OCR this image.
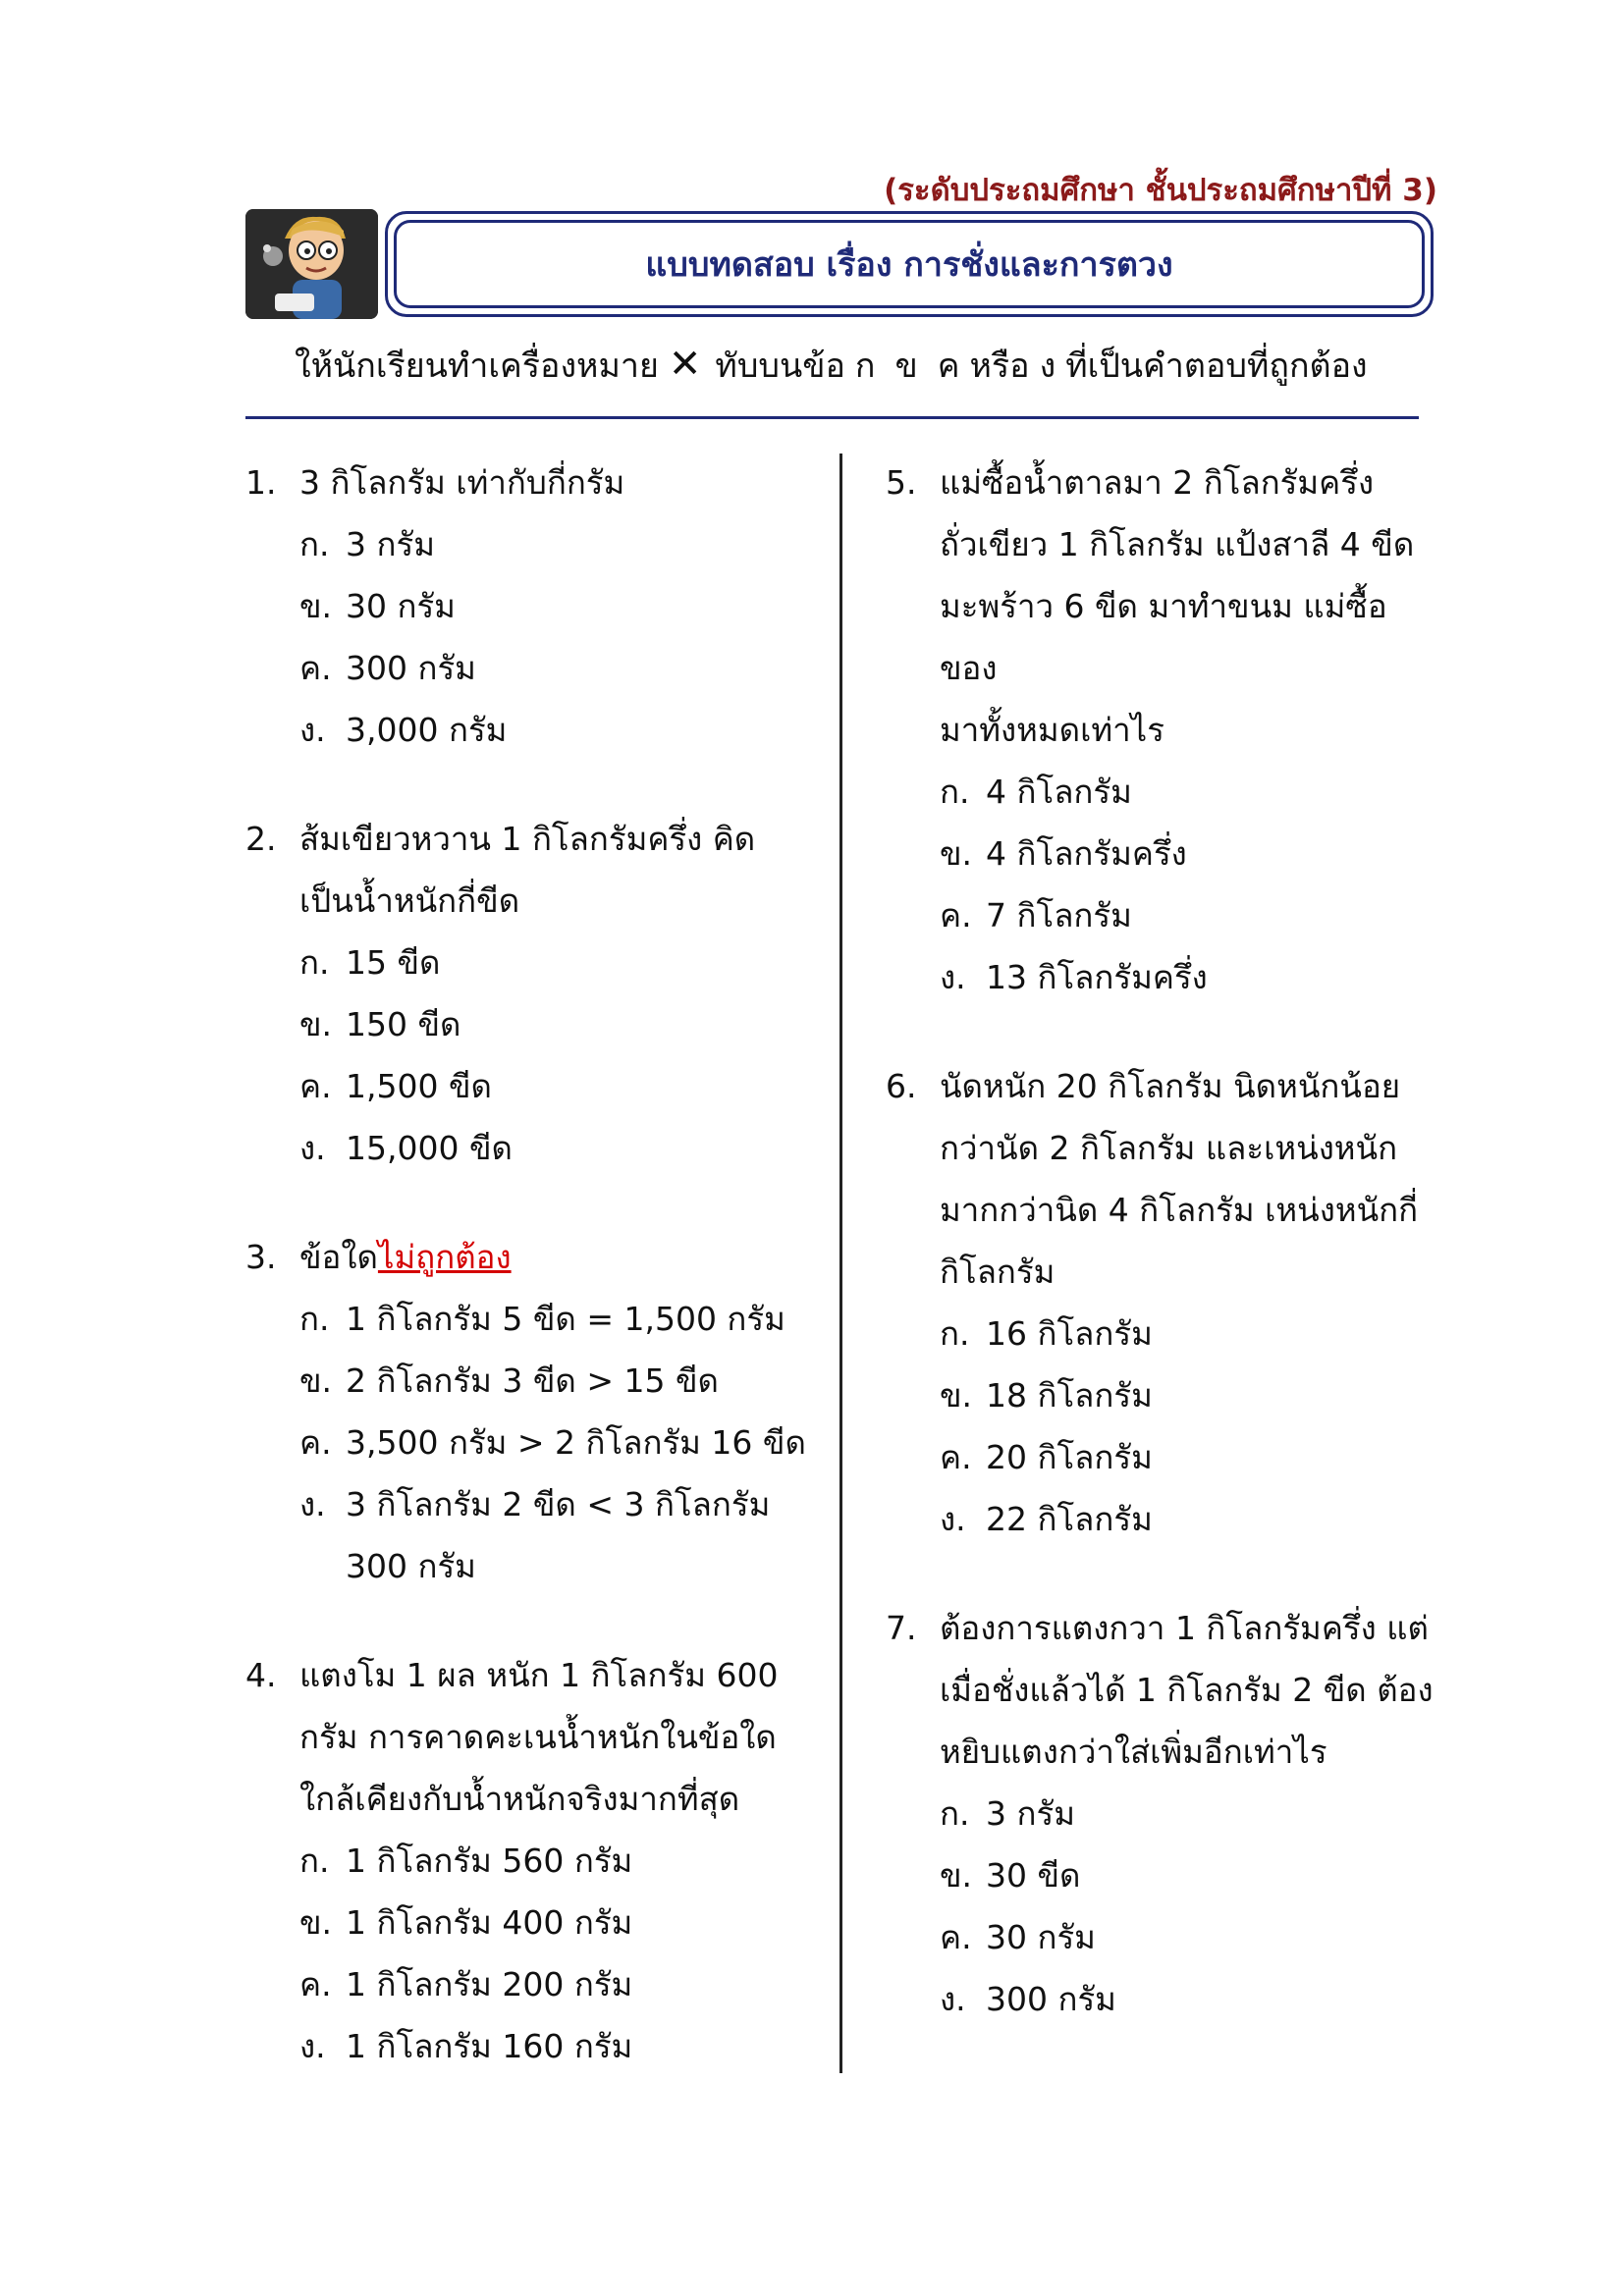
(ระดับประถมศึกษา ชั้นประถมศึกษาปีที่ 3)
แบบทดสอบ เรื่อง การชั่งและการตวง
ให้นักเรียนทำเครื่องหมาย ✕ ทับบนข้อ ก ข ค หรือ ง ที่เป็นคำตอบที่ถูกต้อง
1. 3 กิโลกรัม เท่ากับกี่กรัม
ก. 3 กรัม
ข. 30 กรัม
ค. 300 กรัม
ง. 3,000 กรัม
2. ส้มเขียวหวาน 1 กิโลกรัมครึ่ง คิด
เป็นน้ำหนักกี่ขีด
ก. 15 ขีด
ข. 150 ขีด
ค. 1,500 ขีด
ง. 15,000 ขีด
3. ข้อใดไม่ถูกต้อง
ก. 1 กิโลกรัม 5 ขีด = 1,500 กรัม
ข. 2 กิโลกรัม 3 ขีด > 15 ขีด
ค. 3,500 กรัม > 2 กิโลกรัม 16 ขีด
ง. 3 กิโลกรัม 2 ขีด < 3 กิโลกรัม
300 กรัม
4. แตงโม 1 ผล หนัก 1 กิโลกรัม 600
กรัม การคาดคะเนน้ำหนักในข้อใด
ใกล้เคียงกับน้ำหนักจริงมากที่สุด
ก. 1 กิโลกรัม 560 กรัม
ข. 1 กิโลกรัม 400 กรัม
ค. 1 กิโลกรัม 200 กรัม
ง. 1 กิโลกรัม 160 กรัม
5. แม่ซื้อน้ำตาลมา 2 กิโลกรัมครึ่ง
ถั่วเขียว 1 กิโลกรัม แป้งสาลี 4 ขีด
มะพร้าว 6 ขีด มาทำขนม แม่ซื้อของ
มาทั้งหมดเท่าไร
ก. 4 กิโลกรัม
ข. 4 กิโลกรัมครึ่ง
ค. 7 กิโลกรัม
ง. 13 กิโลกรัมครึ่ง
6. นัดหนัก 20 กิโลกรัม นิดหนักน้อย
กว่านัด 2 กิโลกรัม และเหน่งหนัก
มากกว่านิด 4 กิโลกรัม เหน่งหนักกี่
กิโลกรัม
ก. 16 กิโลกรัม
ข. 18 กิโลกรัม
ค. 20 กิโลกรัม
ง. 22 กิโลกรัม
7. ต้องการแตงกวา 1 กิโลกรัมครึ่ง แต่
เมื่อชั่งแล้วได้ 1 กิโลกรัม 2 ขีด ต้อง
หยิบแตงกว่าใส่เพิ่มอีกเท่าไร
ก. 3 กรัม
ข. 30 ขีด
ค. 30 กรัม
ง. 300 กรัม
